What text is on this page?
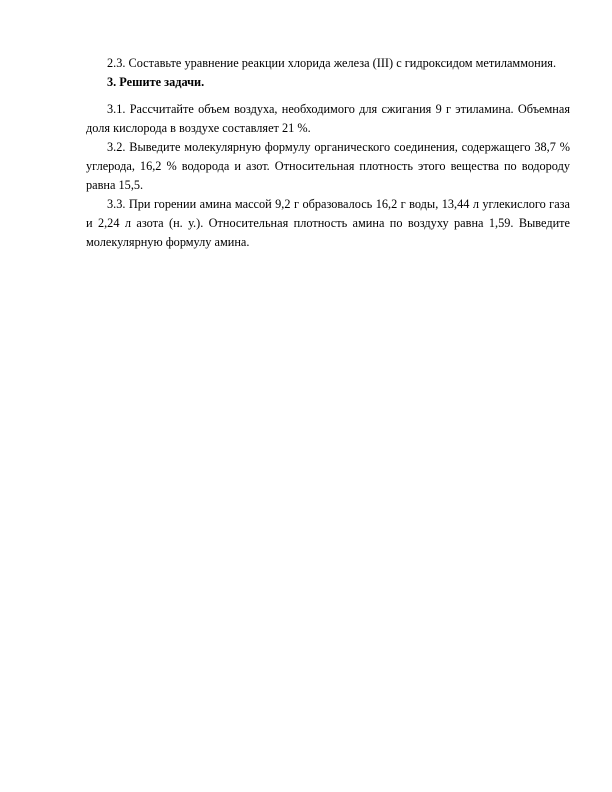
2.3. Составьте уравнение реакции хлорида железа (III) с гидроксидом метиламмония.

3. Решите задачи.

3.1. Рассчитайте объем воздуха, необходимого для сжигания 9 г этиламина. Объемная доля кислорода в воздухе составляет 21 %.

3.2. Выведите молекулярную формулу органического соединения, содержащего 38,7 % углерода, 16,2 % водорода и азот. Относительная плотность этого вещества по водороду равна 15,5.

3.3. При горении амина массой 9,2 г образовалось 16,2 г воды, 13,44 л углекислого газа и 2,24 л азота (н. у.). Относительная плотность амина по воздуху равна 1,59. Выведите молекулярную формулу амина.
